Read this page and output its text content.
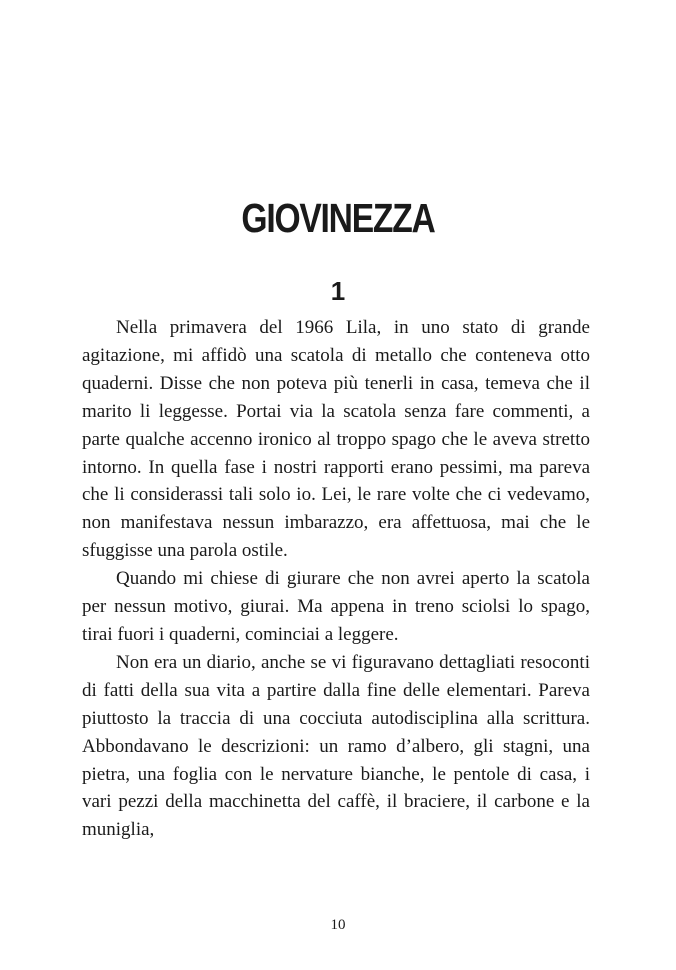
GIOVINEZZA
1

Nella primavera del 1966 Lila, in uno stato di grande agitazione, mi affidò una scatola di metallo che conteneva otto quaderni. Disse che non poteva più tenerli in casa, temeva che il marito li leggesse. Portai via la scatola senza fare commenti, a parte qualche accenno ironico al troppo spago che le aveva stretto intorno. In quella fase i nostri rapporti erano pessimi, ma pareva che li considerassi tali solo io. Lei, le rare volte che ci vedevamo, non manifestava nessun imbarazzo, era affettuosa, mai che le sfuggisse una parola ostile.

Quando mi chiese di giurare che non avrei aperto la scatola per nessun motivo, giurai. Ma appena in treno sciolsi lo spago, tirai fuori i quaderni, cominciai a leggere.

Non era un diario, anche se vi figuravano dettagliati resoconti di fatti della sua vita a partire dalla fine delle elementari. Pareva piuttosto la traccia di una cocciuta autodisciplina alla scrittura. Abbondavano le descrizioni: un ramo d’albero, gli stagni, una pietra, una foglia con le nervature bianche, le pentole di casa, i vari pezzi della macchinetta del caffè, il braciere, il carbone e la muniglia,

10
